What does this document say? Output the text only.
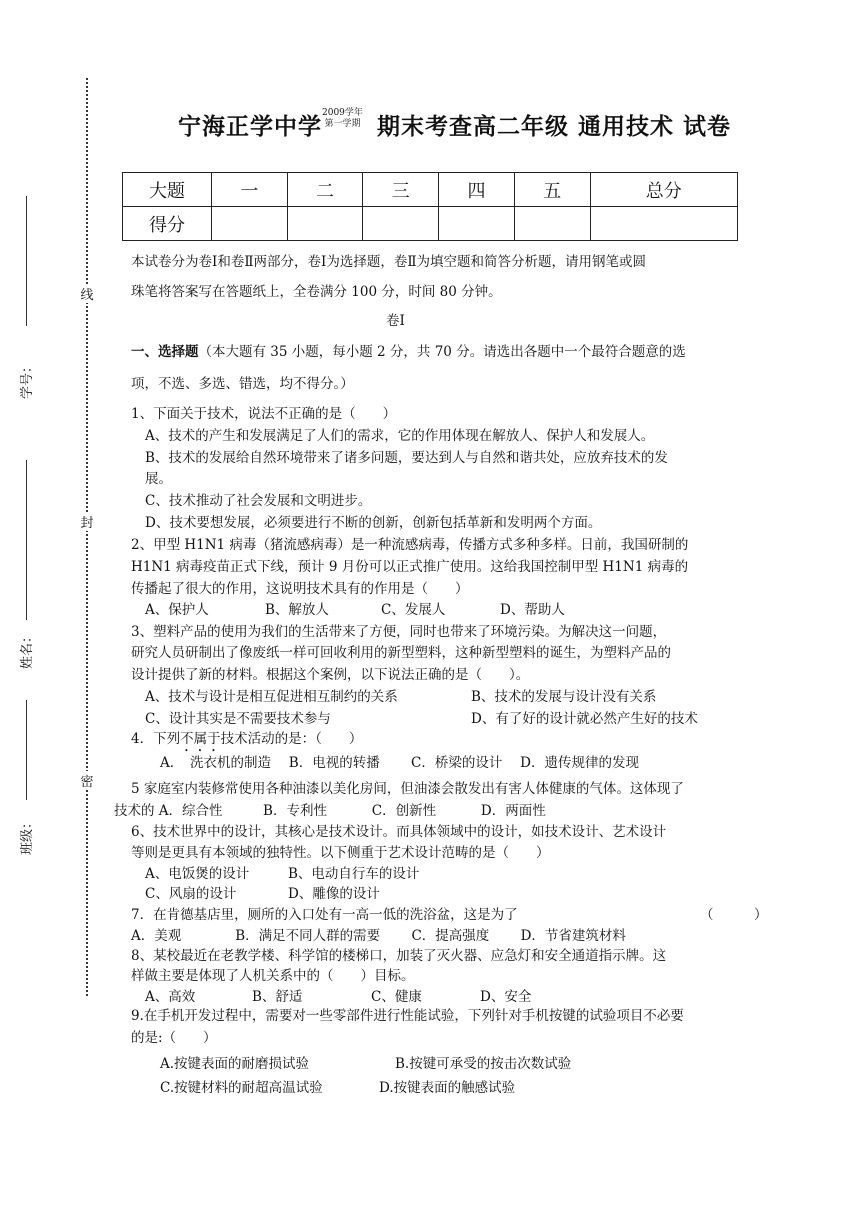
线
封
密
学号：
姓名：
班级：
宁海正学中学 2009学年
第一学期 期末考查高二年级 通用技术 试卷
大题	一	二	三	四	五	总分
得分						
本试卷分为卷Ⅰ和卷Ⅱ两部分，卷Ⅰ为选择题，卷Ⅱ为填空题和简答分析题，请用钢笔或圆
珠笔将答案写在答题纸上，全卷满分 100 分，时间 80 分钟。
卷Ⅰ
一、选择题（本大题有 35 小题，每小题 2 分，共 70 分。请选出各题中一个最符合题意的选
项，不选、多选、错选，均不得分。）
1、下面关于技术，说法不正确的是（　　）
A、技术的产生和发展满足了人们的需求，它的作用体现在解放人、保护人和发展人。
B、技术的发展给自然环境带来了诸多问题，要达到人与自然和谐共处，应放弃技术的发
展。
C、技术推动了社会发展和文明进步。
D、技术要想发展，必须要进行不断的创新，创新包括革新和发明两个方面。
2、甲型 H1N1 病毒（猪流感病毒）是一种流感病毒，传播方式多种多样。日前，我国研制的
H1N1 病毒疫苗正式下线，预计 9 月份可以正式推广使用。这给我国控制甲型 H1N1 病毒的
传播起了很大的作用，这说明技术具有的作用是（　　）
A、保护人	B、解放人	C、发展人	D、帮助人
3、塑料产品的使用为我们的生活带来了方便，同时也带来了环境污染。为解决这一问题，
研究人员研制出了像废纸一样可回收利用的新型塑料，这种新型塑料的诞生，为塑料产品的
设计提供了新的材料。根据这个案例，以下说法正确的是（　　）。
A、技术与设计是相互促进相互制约的关系	B、技术的发展与设计没有关系
C、设计其实是不需要技术参与	D、有了好的设计就必然产生好的技术
4．下列不属于技术活动的是：（　　）
A．　洗衣机的制造　 B．电视的转播　　 C．桥梁的设计　 D．遗传规律的发现
5 家庭室内装修常使用各种油漆以美化房间，但油漆会散发出有害人体健康的气体。这体现了
技术的 A．综合性　　　B．专利性　　　 C．创新性　　　 D．两面性
6、技术世界中的设计，其核心是技术设计。而具体领域中的设计，如技术设计、艺术设计
等则是更具有本领域的独特性。以下侧重于艺术设计范畴的是（　　）
A、电饭煲的设计	B、电动自行车的设计
C、风扇的设计	D、雕像的设计
7．在肯德基店里，厕所的入口处有一高一低的洗浴盆，这是为了	（　　　）
A．美观　　　　B．满足不同人群的需要　　 C．提高强度　　 D．节省建筑材料
8、某校最近在老教学楼、科学馆的楼梯口，加装了灭火器、应急灯和安全通道指示牌。这
样做主要是体现了人机关系中的（　　）目标。
A、高效	B、舒适	C、健康	D、安全
9.在手机开发过程中，需要对一些零部件进行性能试验，下列针对手机按键的试验项目不必要
的是:（　　）
A.按键表面的耐磨损试验	B.按键可承受的按击次数试验
C.按键材料的耐超高温试验	D.按键表面的触感试验
